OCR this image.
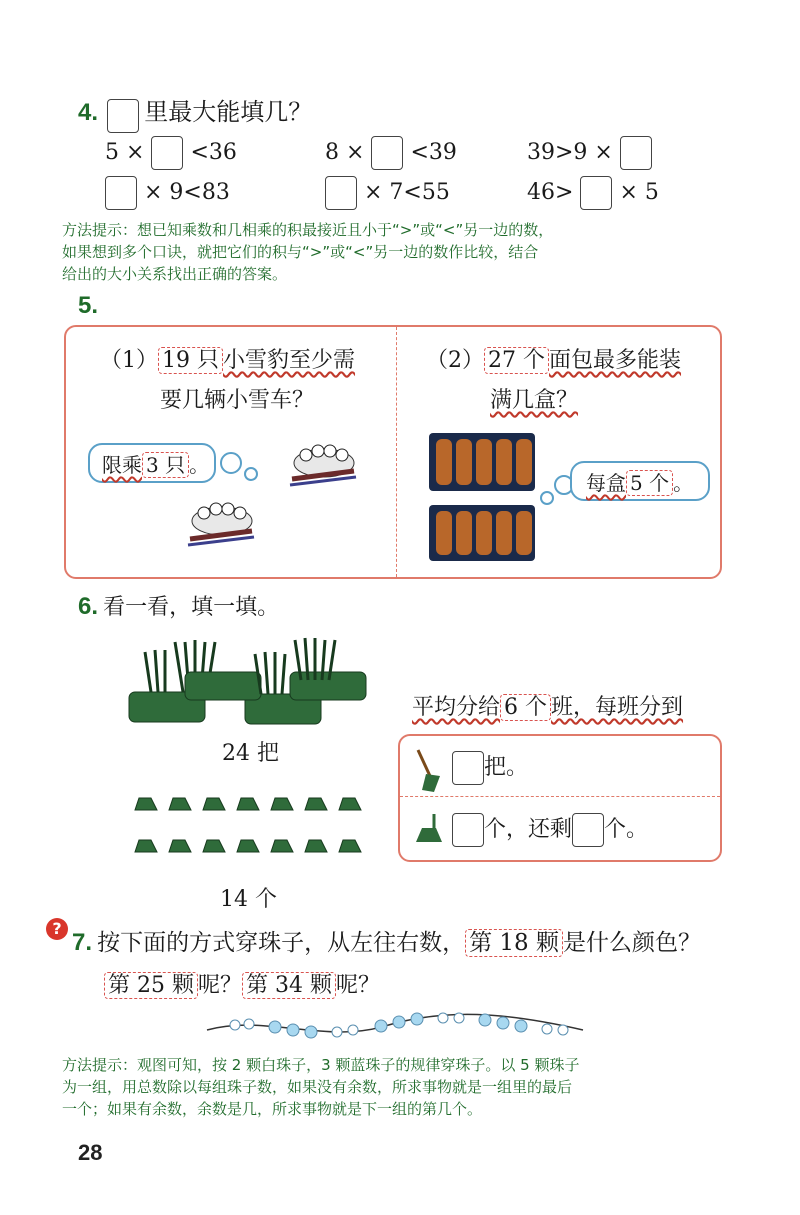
4. 里最大能填几？
5 × <36	8 × <39	39>9 ×
× 9<83	× 7<55	46> × 5
方法提示：想已知乘数和几相乘的积最接近且小于“>”或“<”另一边的数，
如果想到多个口诀，就把它们的积与“>”或“<”另一边的数作比较，结合
给出的大小关系找出正确的答案。
5.
（1） 19 只 小雪豹至少需
要几辆小雪车？
限乘 3 只 。
（2） 27 个 面包最多能装
满几盒？
每盒 5 个 。
6. 看一看，填一填。
24 把
14 个
平均分给 6 个 班，每班分到
把。
个，还剩 个。
?
7. 按下面的方式穿珠子，从左往右数， 第 18 颗 是什么颜色？
第 25 颗 呢？ 第 34 颗 呢？
方法提示：观图可知，按 2 颗白珠子，3 颗蓝珠子的规律穿珠子。以 5 颗珠子
为一组，用总数除以每组珠子数，如果没有余数，所求事物就是一组里的最后
一个；如果有余数，余数是几，所求事物就是下一组的第几个。
28
